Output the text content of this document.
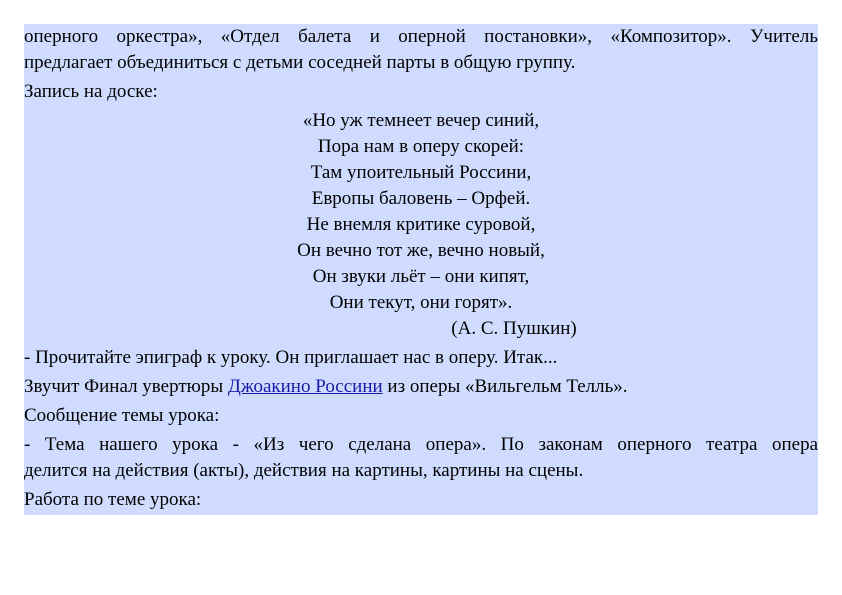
оперного оркестра», «Отдел балета и оперной постановки», «Композитор». Учитель
предлагает объединиться с детьми соседней парты в общую группу.
Запись на доске:
«Но уж темнеет вечер синий,
Пора нам в оперу скорей:
Там упоительный Россини,
Европы баловень – Орфей.
Не внемля критике суровой,
Он вечно тот же, вечно новый,
Он звуки льёт – они кипят,
Они текут, они горят».
(А. С. Пушкин)
- Прочитайте эпиграф к уроку. Он приглашает нас в оперу. Итак...
Звучит Финал увертюры Джоакино Россини из оперы «Вильгельм Телль».
Сообщение темы урока:
- Тема нашего урока - «Из чего сделана опера». По законам оперного театра опера
делится на действия (акты), действия на картины, картины на сцены.
Работа по теме урока:
